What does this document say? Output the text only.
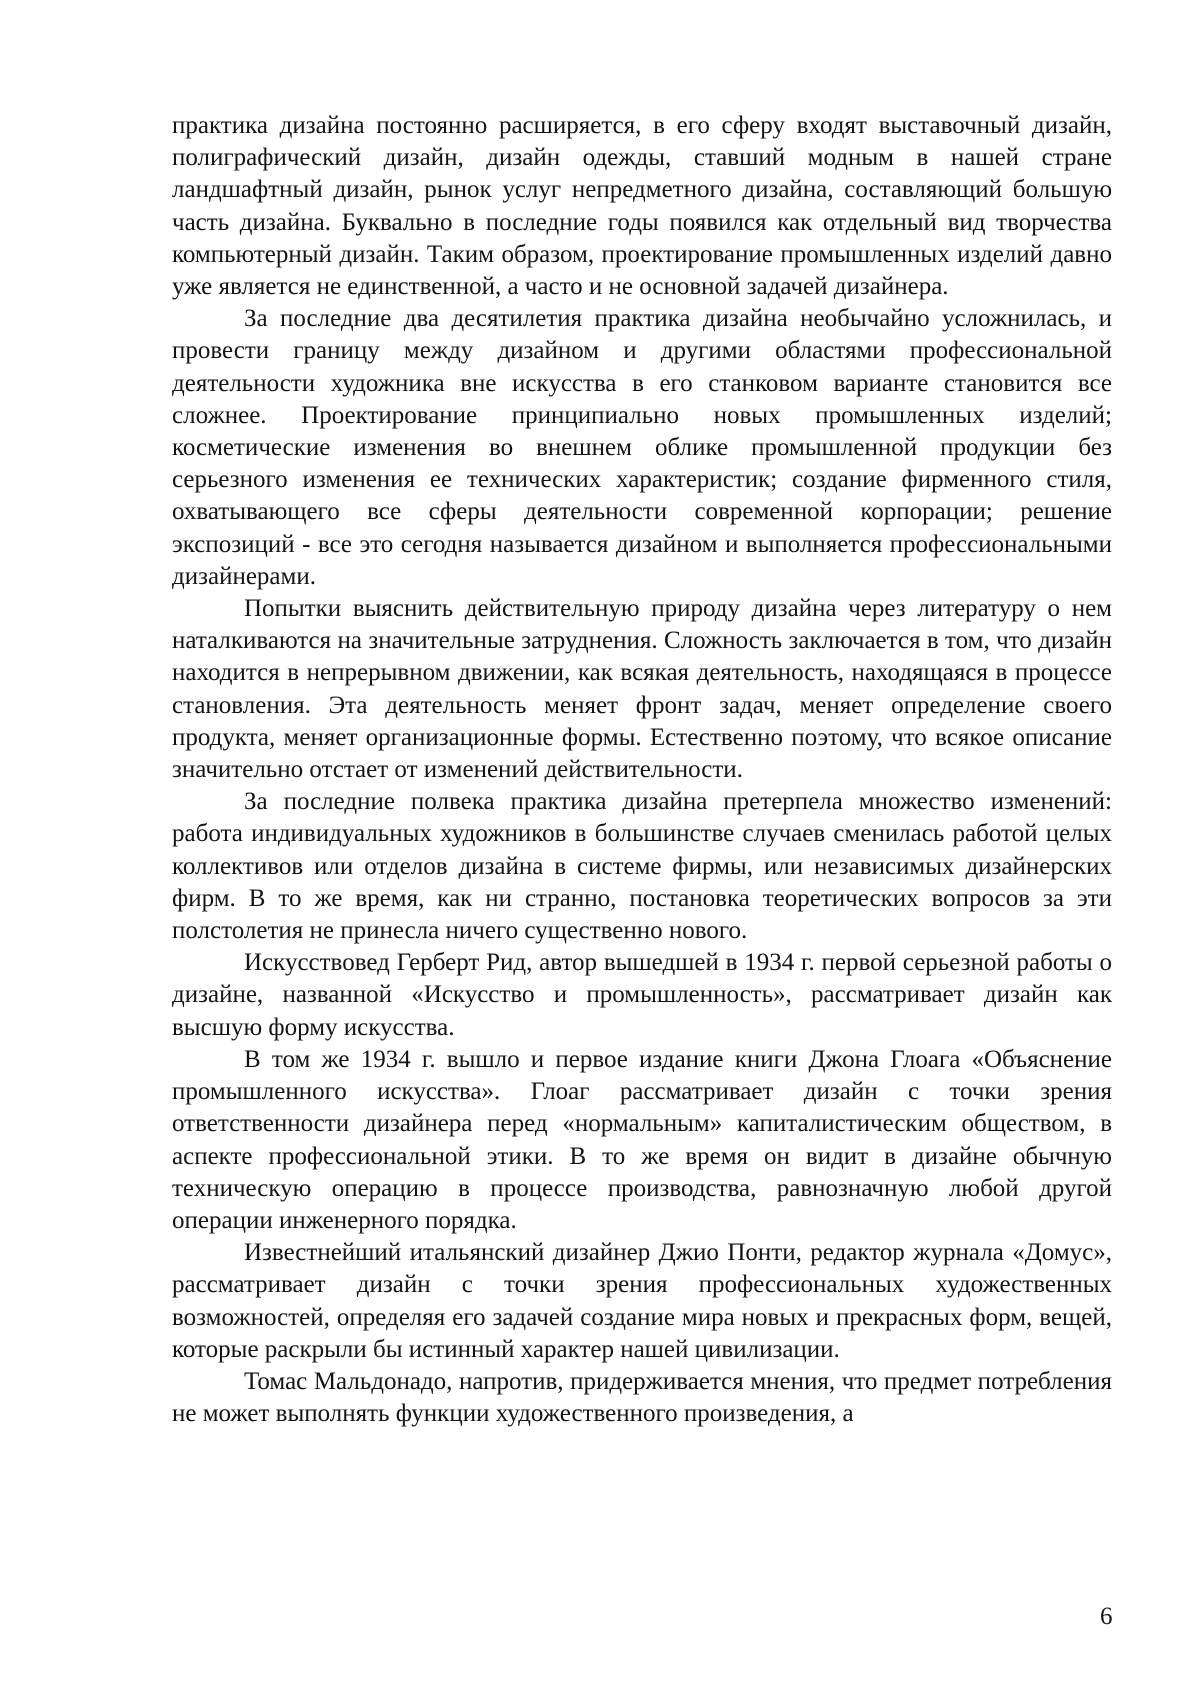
практика дизайна постоянно расширяется, в его сферу входят выставочный дизайн, полиграфический дизайн, дизайн одежды, ставший модным в нашей стране ландшафтный дизайн, рынок услуг непредметного дизайна, составляющий большую часть дизайна. Буквально в последние годы появился как отдельный вид творчества компьютерный дизайн. Таким образом, проектирование промышленных изделий давно уже является не единственной, а часто и не основной задачей дизайнера.

За последние два десятилетия практика дизайна необычайно усложнилась, и провести границу между дизайном и другими областями профессиональной деятельности художника вне искусства в его станковом варианте становится все сложнее. Проектирование принципиально новых промышленных изделий; косметические изменения во внешнем облике промышленной продукции без серьезного изменения ее технических характеристик; создание фирменного стиля, охватывающего все сферы деятельности современной корпорации; решение экспозиций - все это сегодня называется дизайном и выполняется профессиональными дизайнерами.

Попытки выяснить действительную природу дизайна через литературу о нем наталкиваются на значительные затруднения. Сложность заключается в том, что дизайн находится в непрерывном движении, как всякая деятельность, находящаяся в процессе становления. Эта деятельность меняет фронт задач, меняет определение своего продукта, меняет организационные формы. Естественно поэтому, что всякое описание значительно отстает от изменений действительности.

За последние полвека практика дизайна претерпела множество изменений: работа индивидуальных художников в большинстве случаев сменилась работой целых коллективов или отделов дизайна в системе фирмы, или независимых дизайнерских фирм. В то же время, как ни странно, постановка теоретических вопросов за эти полстолетия не принесла ничего существенно нового.

Искусствовед Герберт Рид, автор вышедшей в 1934 г. первой серьезной работы о дизайне, названной «Искусство и промышленность», рассматривает дизайн как высшую форму искусства.

В том же 1934 г. вышло и первое издание книги Джона Глоага «Объяснение промышленного искусства». Глоаг рассматривает дизайн с точки зрения ответственности дизайнера перед «нормальным» капиталистическим обществом, в аспекте профессиональной этики. В то же время он видит в дизайне обычную техническую операцию в процессе производства, равнозначную любой другой операции инженерного порядка.

Известнейший итальянский дизайнер Джио Понти, редактор журнала «Домус», рассматривает дизайн с точки зрения профессиональных художественных возможностей, определяя его задачей создание мира новых и прекрасных форм, вещей, которые раскрыли бы истинный характер нашей цивилизации.

Томас Мальдонадо, напротив, придерживается мнения, что предмет потребления не может выполнять функции художественного произведения, а

6
